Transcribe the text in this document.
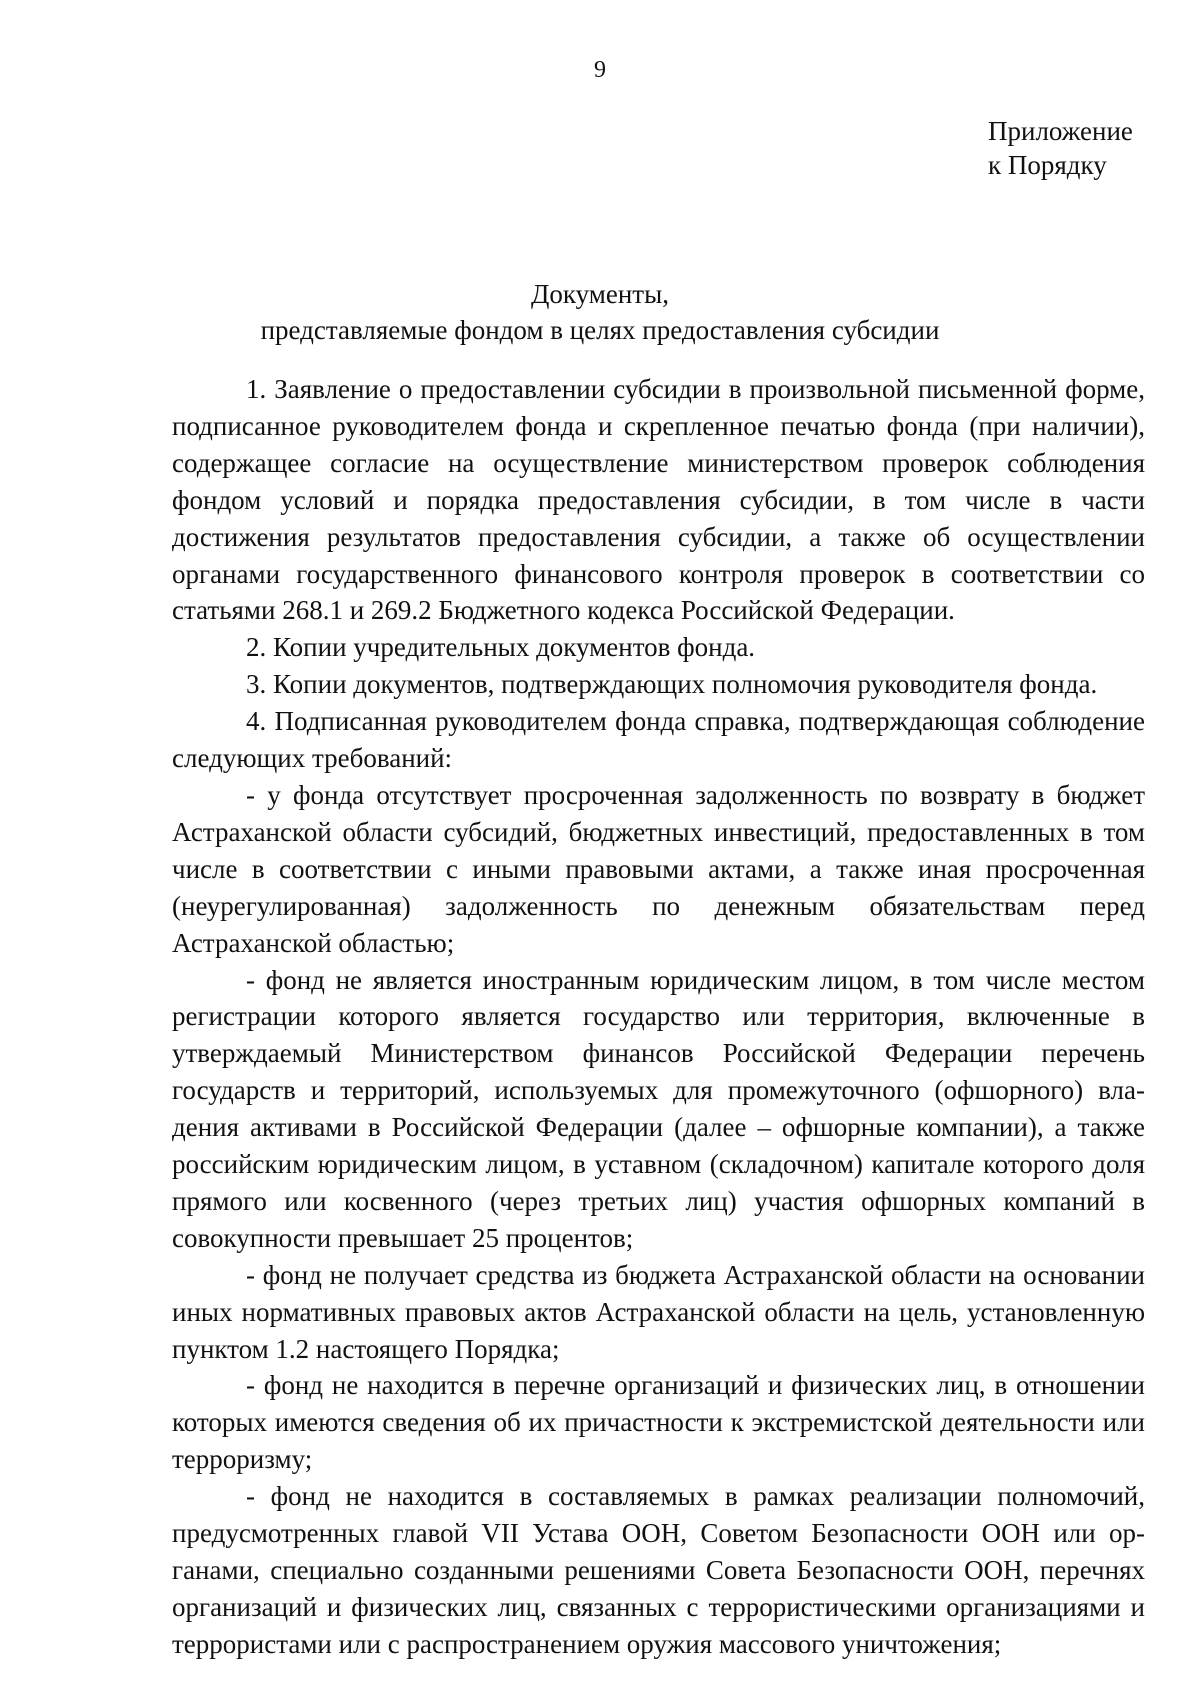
9
Приложение
к Порядку
Документы,
представляемые фондом в целях предоставления субсидии

1. Заявление о предоставлении субсидии в произвольной письменной форме, подписанное руководителем фонда и скрепленное печатью фонда (при наличии), содержащее согласие на осуществление министерством проверок соблюдения фондом условий и порядка предоставления субсидии, в том числе в части достижения результатов предоставления субсидии, а также об осуществлении органами государственного финансового контроля проверок в соответствии со статьями 268.1 и 269.2 Бюджетного кодекса Российской Федерации.

2. Копии учредительных документов фонда.

3. Копии документов, подтверждающих полномочия руководителя фонда.

4. Подписанная руководителем фонда справка, подтверждающая соблюдение следующих требований:

- у фонда отсутствует просроченная задолженность по возврату в бюджет Астраханской области субсидий, бюджетных инвестиций, предоставленных в том числе в соответствии с иными правовыми актами, а также иная просроченная (неурегулированная) задолженность по денежным обязательствам перед Астраханской областью;

- фонд не является иностранным юридическим лицом, в том числе местом регистрации которого является государство или территория, включенные в утверждаемый Министерством финансов Российской Федерации перечень государств и территорий, используемых для промежуточного (офшорного) владения активами в Российской Федерации (далее – офшорные компании), а также российским юридическим лицом, в уставном (складочном) капитале которого доля прямого или косвенного (через третьих лиц) участия офшорных компаний в совокупности превышает 25 процентов;

- фонд не получает средства из бюджета Астраханской области на основании иных нормативных правовых актов Астраханской области на цель, установленную пунктом 1.2 настоящего Порядка;

- фонд не находится в перечне организаций и физических лиц, в отношении которых имеются сведения об их причастности к экстремистской деятельности или терроризму;

- фонд не находится в составляемых в рамках реализации полномочий, предусмотренных главой VII Устава ООН, Советом Безопасности ООН или органами, специально созданными решениями Совета Безопасности ООН, перечнях организаций и физических лиц, связанных с террористическими организациями и террористами или с распространением оружия массового уничтожения;
